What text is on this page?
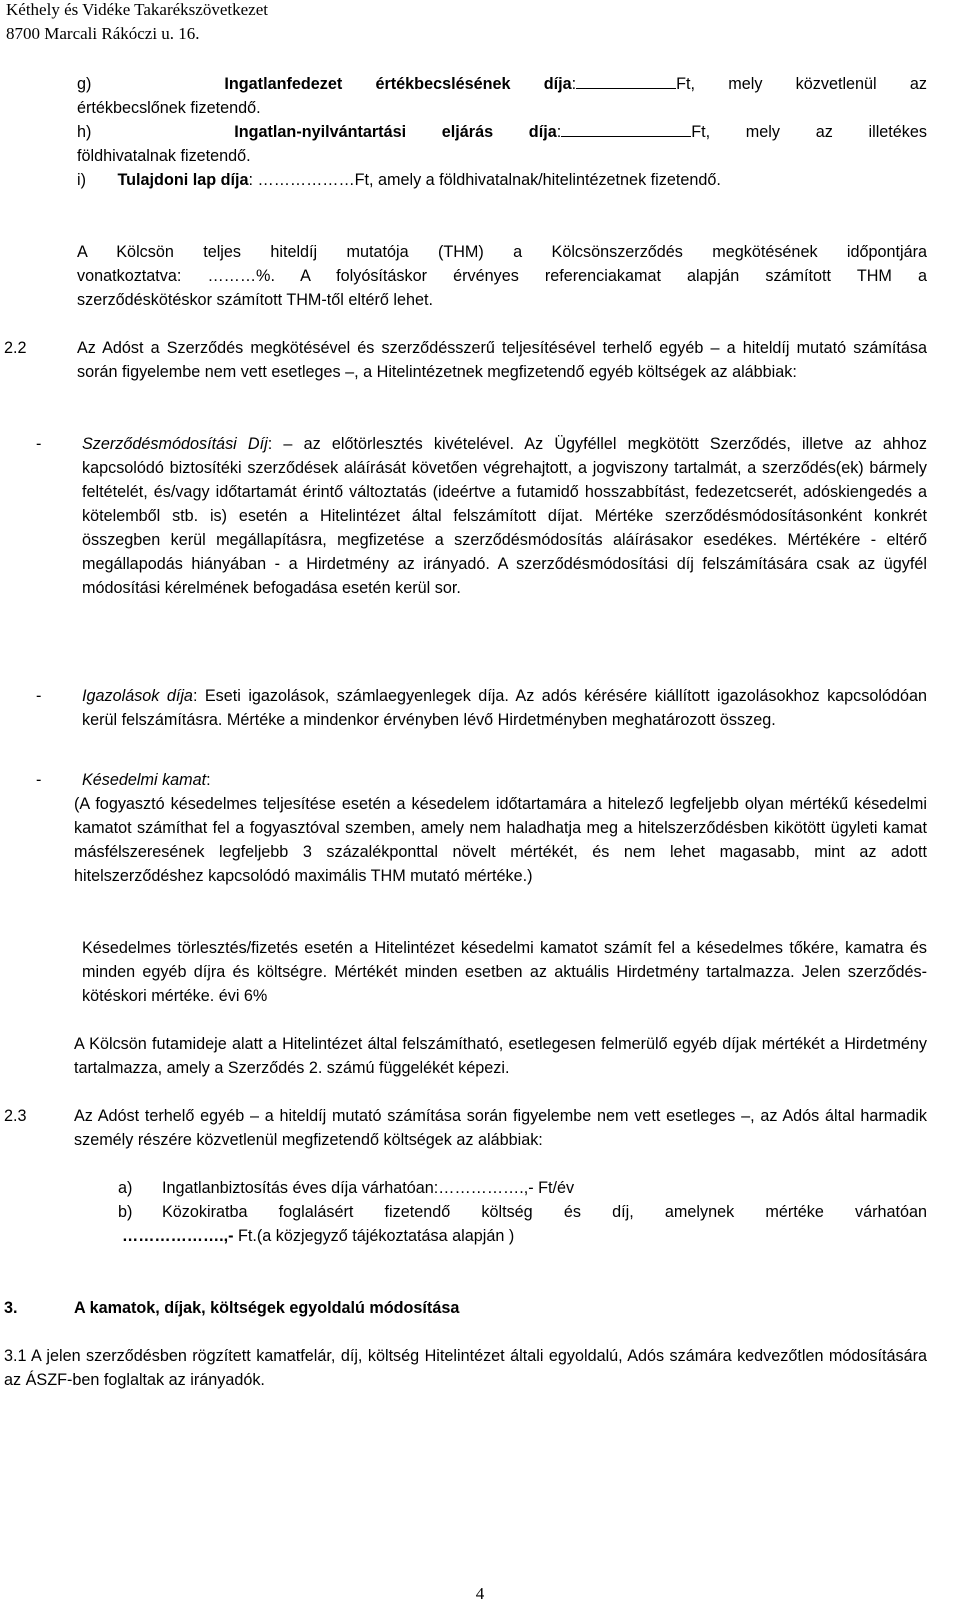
Kéthely és Vidéke Takarékszövetkezet
8700 Marcali Rákóczi u. 16.
g)	Ingatlanfedezet értékbecslésének díja:	Ft, mely közvetlenül az
értékbecslőnek fizetendő.
h)	Ingatlan-nyilvántartási eljárás díja:	Ft, mely az illetékes
földhivatalnak fizetendő.
i) Tulajdoni lap díja: ………………Ft, amely a földhivatalnak/hitelintézetnek fizetendő.
A Kölcsön teljes hiteldíj mutatója (THM) a Kölcsönszerződés megkötésének időpontjára
vonatkoztatva: ………%. A folyósításkor érvényes referenciakamat alapján számított THM a
szerződéskötéskor számított THM-től eltérő lehet.
2.2	Az Adóst a Szerződés megkötésével és szerződésszerű teljesítésével terhelő egyéb – a hiteldíj mutató számítása során figyelembe nem vett esetleges –, a Hitelintézetnek megfizetendő egyéb költségek az alábbiak:
-	Szerződésmódosítási Díj: – az előtörlesztés kivételével. Az Ügyféllel megkötött Szerződés, illetve az ahhoz kapcsolódó biztosítéki szerződések aláírását követően végrehajtott, a jogviszony tartalmát, a szerződés(ek) bármely feltételét, és/vagy időtartamát érintő változtatás (ideértve a futamidő hosszabbítást, fedezetcserét, adóskiengedés a kötelemből stb. is) esetén a Hitelintézet által felszámított díjat. Mértéke szerződésmódosításonként konkrét összegben kerül megállapításra, megfizetése a szerződésmódosítás aláírásakor esedékes. Mértékére - eltérő megállapodás hiányában - a Hirdetmény az irányadó. A szerződésmódosítási díj felszámítására csak az ügyfél módosítási kérelmének befogadása esetén kerül sor.
-	Igazolások díja: Eseti igazolások, számlaegyenlegek díja. Az adós kérésére kiállított igazolásokhoz kapcsolódóan kerül felszámításra. Mértéke a mindenkor érvényben lévő Hirdetményben meghatározott összeg.
-	Késedelmi kamat:
(A fogyasztó késedelmes teljesítése esetén a késedelem időtartamára a hitelező legfeljebb olyan mértékű késedelmi kamatot számíthat fel a fogyasztóval szemben, amely nem haladhatja meg a hitelszerződésben kikötött ügyleti kamat másfélszeresének legfeljebb 3 százalékponttal növelt mértékét, és nem lehet magasabb, mint az adott hitelszerződéshez kapcsolódó maximális THM mutató mértéke.)
Késedelmes törlesztés/fizetés esetén a Hitelintézet késedelmi kamatot számít fel a késedelmes tőkére, kamatra és minden egyéb díjra és költségre. Mértékét minden esetben az aktuális Hirdetmény tartalmazza. Jelen szerződés-kötéskori mértéke. évi 6%
A Kölcsön futamideje alatt a Hitelintézet által felszámítható, esetlegesen felmerülő egyéb díjak mértékét a Hirdetmény tartalmazza, amely a Szerződés 2. számú függelékét képezi.
2.3	Az Adóst terhelő egyéb – a hiteldíj mutató számítása során figyelembe nem vett esetleges –, az Adós által harmadik személy részére közvetlenül megfizetendő költségek az alábbiak:
a) Ingatlanbiztosítás éves díja várhatóan:…………….,- Ft/év
b) Közokiratba foglalásért fizetendő költség és díj, amelynek mértéke várhatóan
……………….,- Ft.(a közjegyző tájékoztatása alapján )
3.	A kamatok, díjak, költségek egyoldalú módosítása
3.1 A jelen szerződésben rögzített kamatfelár, díj, költség Hitelintézet általi egyoldalú, Adós számára kedvezőtlen módosítására az ÁSZF-ben foglaltak az irányadók.
4
